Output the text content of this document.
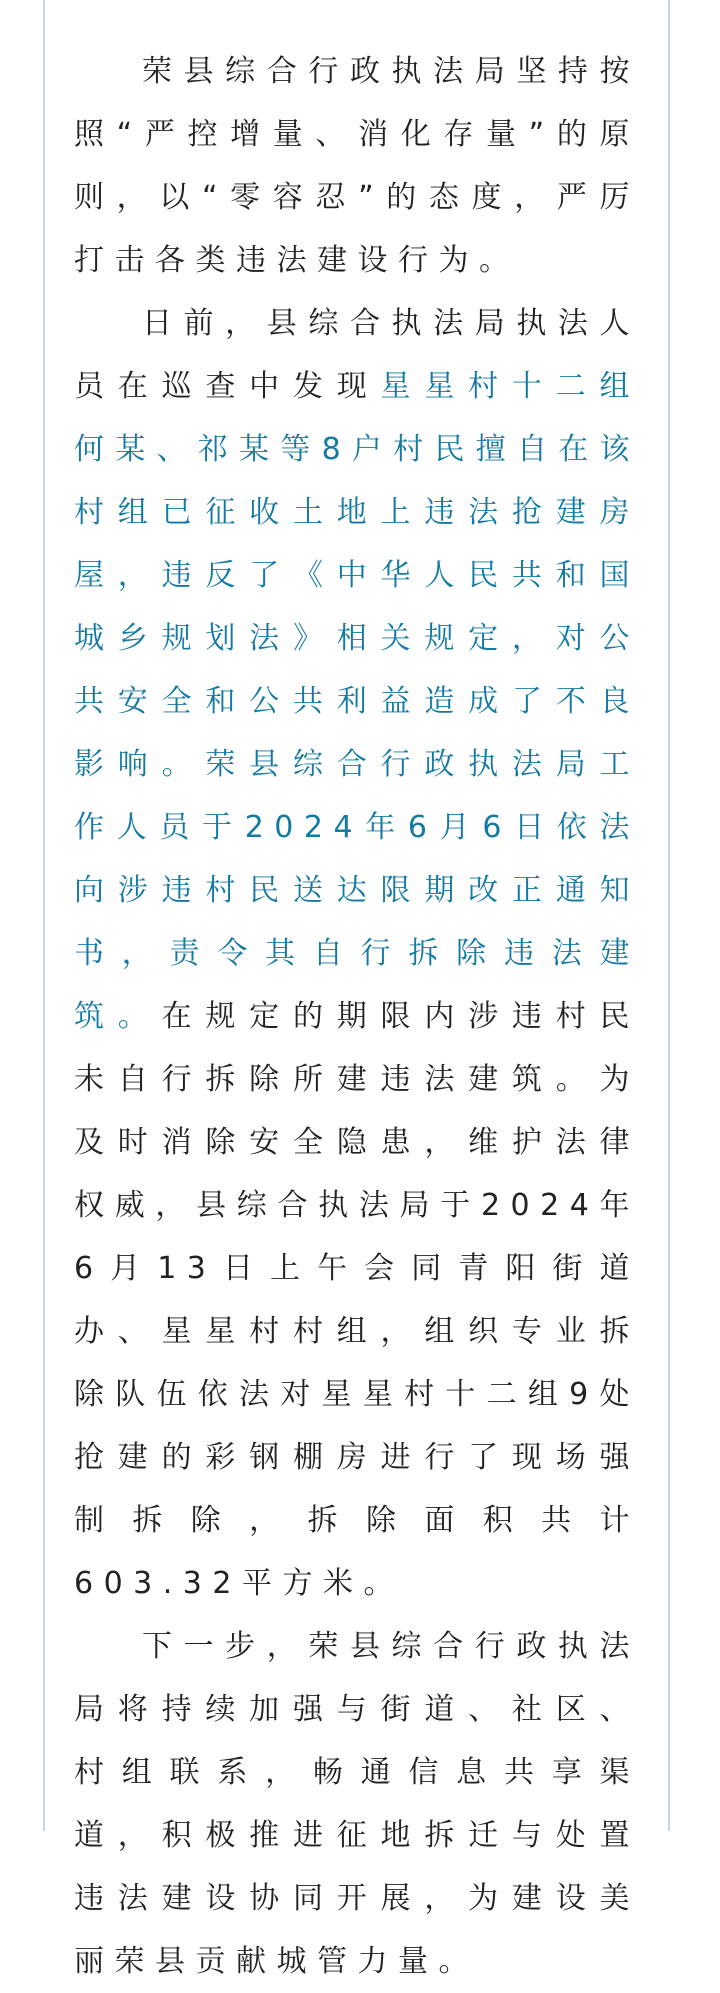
荣县综合行政执法局坚持按照“严控增量、消化存量”的原则，以“零容忍”的态度，严厉打击各类违法建设行为。

日前，县综合执法局执法人员在巡查中发现星星村十二组何某、祁某等8户村民擅自在该村组已征收土地上违法抢建房屋，违反了《中华人民共和国城乡规划法》相关规定，对公共安全和公共利益造成了不良影响。荣县综合行政执法局工作人员于2024年6月6日依法向涉违村民送达限期改正通知书，责令其自行拆除违法建筑。在规定的期限内涉违村民未自行拆除所建违法建筑。为及时消除安全隐患，维护法律权威，县综合执法局于2024年6月13日上午会同青阳街道办、星星村村组，组织专业拆除队伍依法对星星村十二组9处抢建的彩钢棚房进行了现场强制拆除，拆除面积共计603.32平方米。

下一步，荣县综合行政执法局将持续加强与街道、社区、村组联系，畅通信息共享渠道，积极推进征地拆迁与处置违法建设协同开展，为建设美丽荣县贡献城管力量。
